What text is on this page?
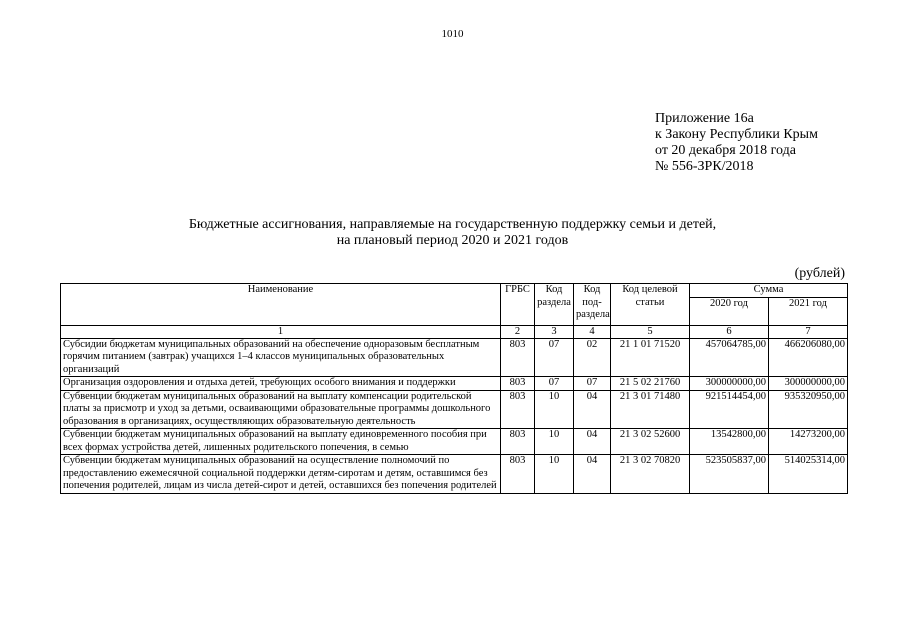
1010
Приложение 16а
к Закону Республики Крым
от 20 декабря 2018 года
№ 556-ЗРК/2018
Бюджетные ассигнования, направляемые на государственную поддержку семьи и детей,
на плановый период 2020 и 2021 годов
(рублей)
Наименование	ГРБС	Код раздела	Код под-раздела	Код целевой статьи	Сумма	
					2020 год	2021 год
1	2	3	4	5	6	7
Субсидии бюджетам муниципальных образований на обеспечение одноразовым бесплатным горячим питанием (завтрак) учащихся 1–4 классов муниципальных образовательных организаций	803	07	02	21 1 01 71520	457064785,00	466206080,00
Организация оздоровления и отдыха детей, требующих особого внимания и поддержки	803	07	07	21 5 02 21760	300000000,00	300000000,00
Субвенции бюджетам муниципальных образований на выплату компенсации родительской платы за присмотр и уход за детьми, осваивающими образовательные программы дошкольного образования в организациях, осуществляющих образовательную деятельность	803	10	04	21 3 01 71480	921514454,00	935320950,00
Субвенции бюджетам муниципальных образований на выплату единовременного пособия при всех формах устройства детей, лишенных родительского попечения, в семью	803	10	04	21 3 02 52600	13542800,00	14273200,00
Субвенции бюджетам муниципальных образований на осуществление полномочий по предоставлению ежемесячной социальной поддержки детям-сиротам и детям, оставшимся без попечения родителей, лицам из числа детей-сирот и детей, оставшихся без попечения родителей	803	10	04	21 3 02 70820	523505837,00	514025314,00
